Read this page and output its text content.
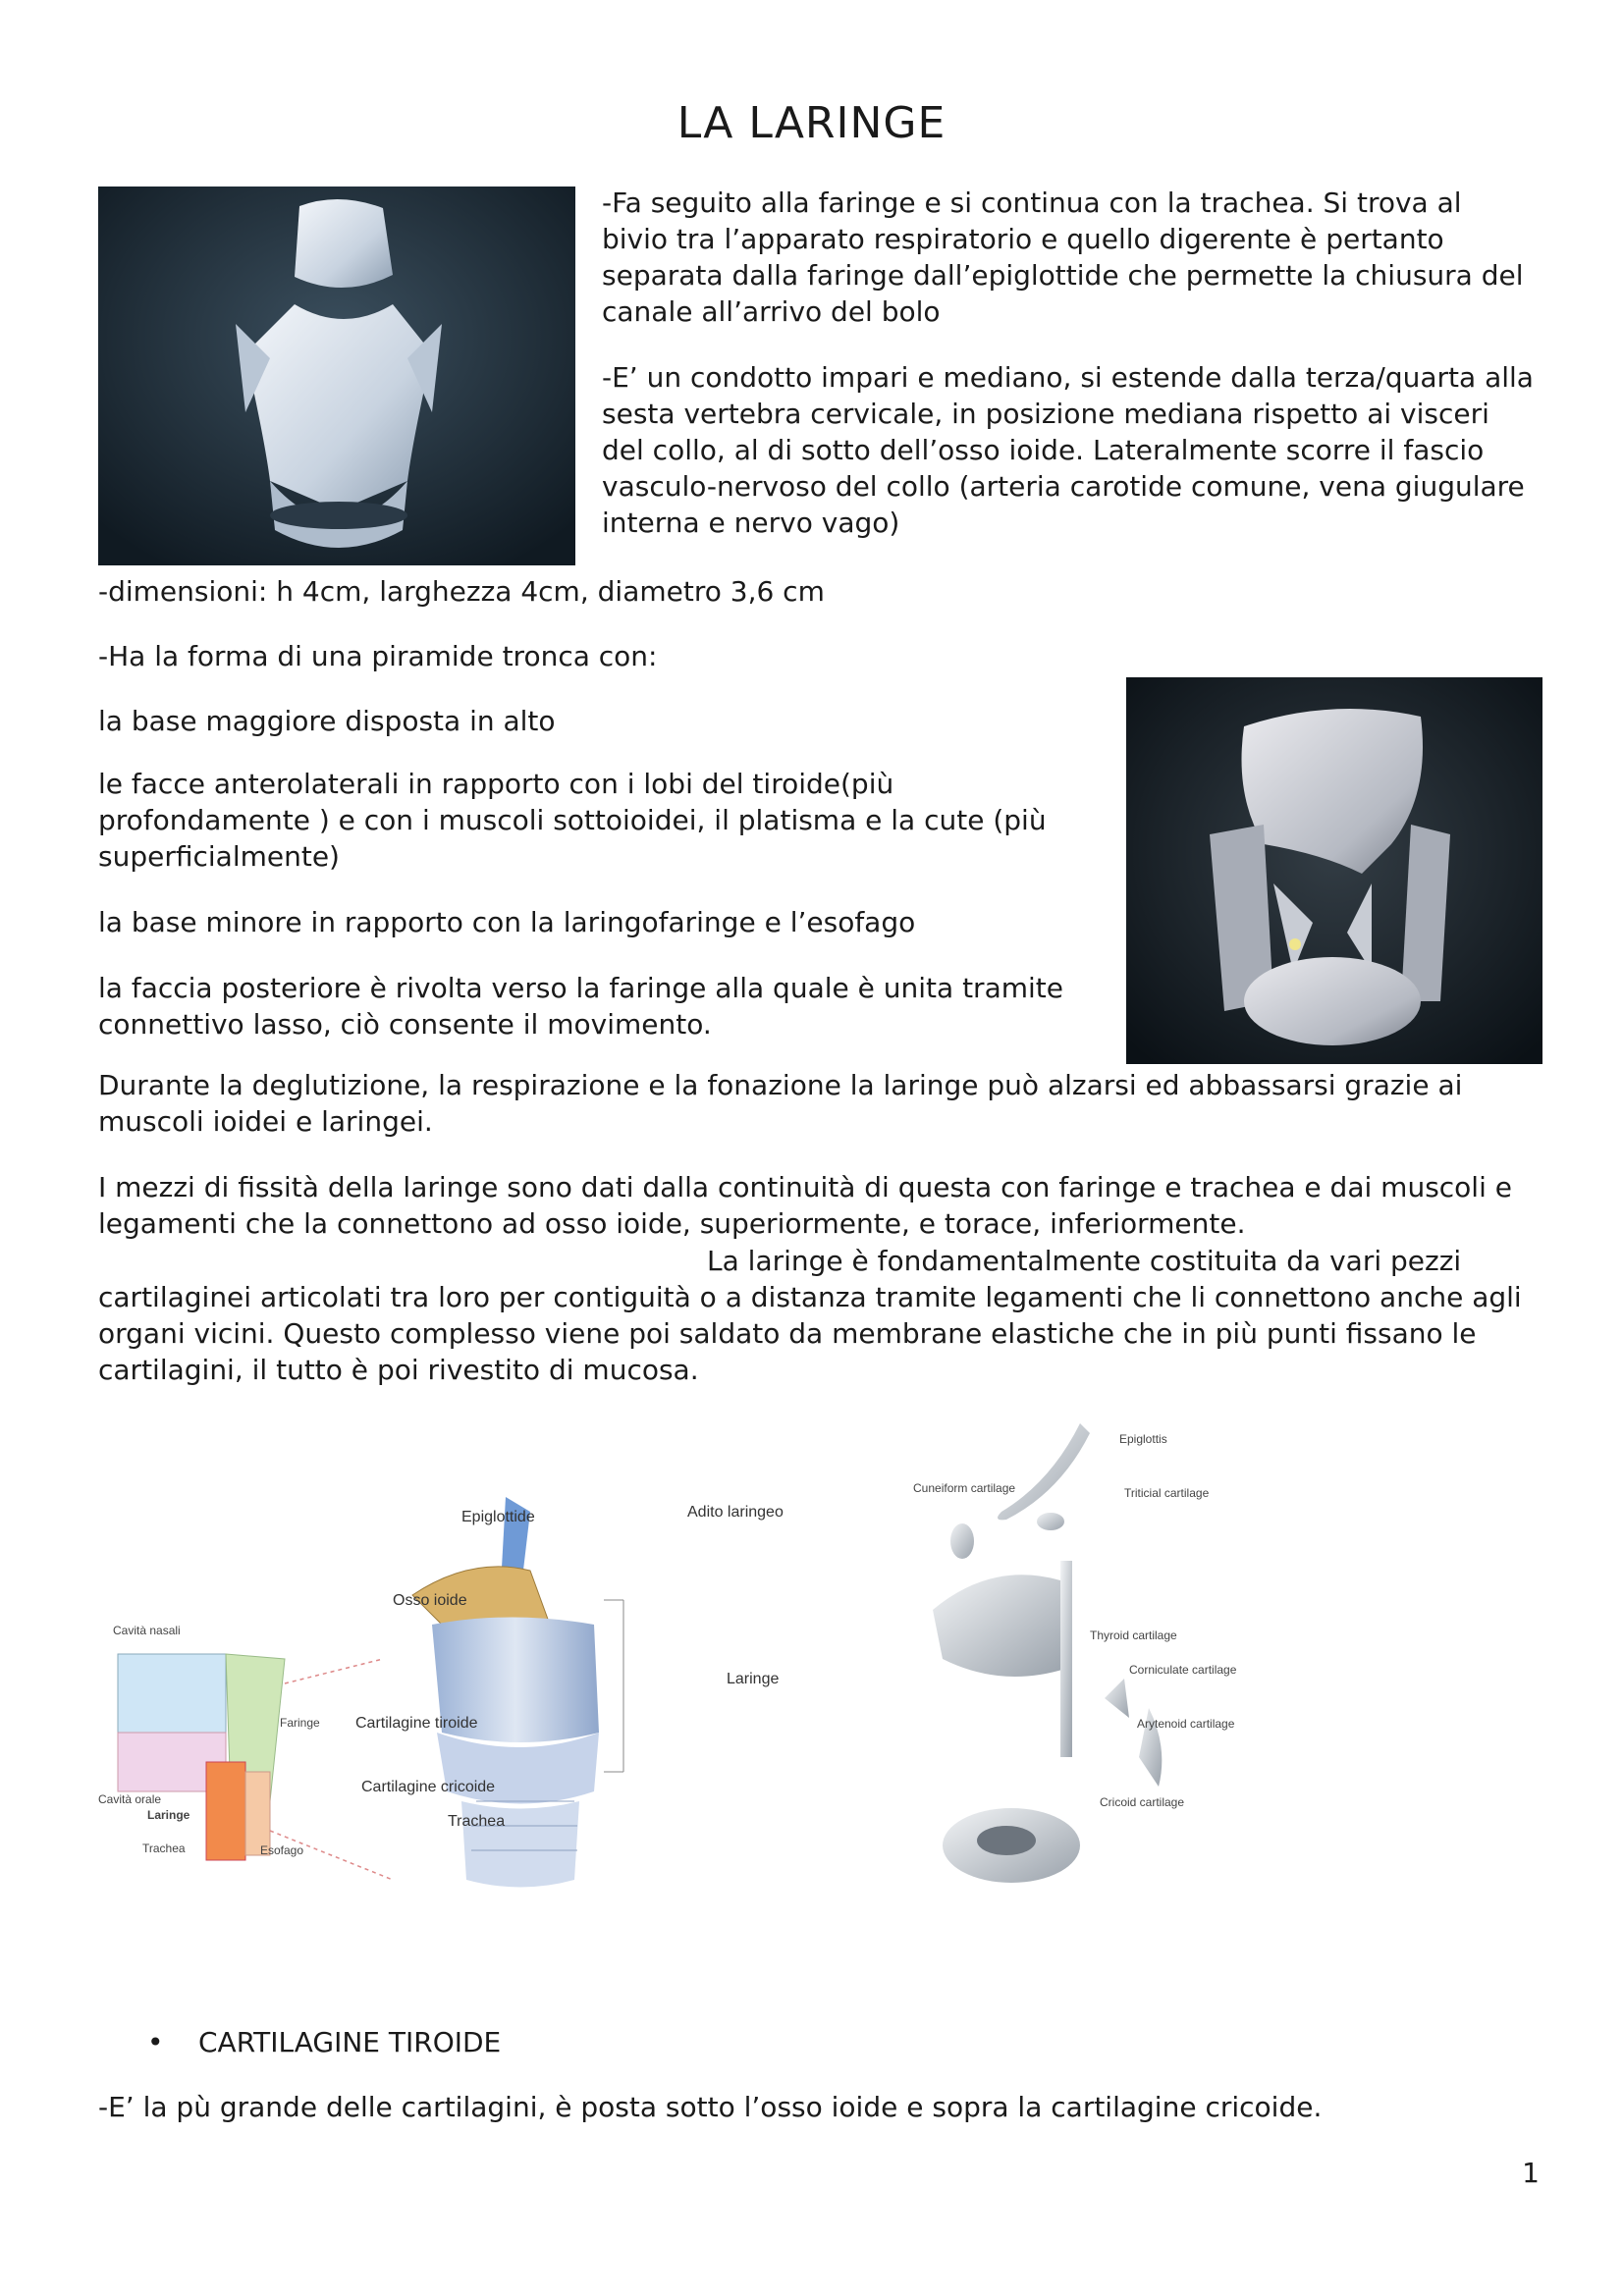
LA LARINGE

-Fa seguito alla faringe e si continua con la trachea. Si trova al bivio tra l’apparato respiratorio e quello digerente è pertanto separata dalla faringe dall’epiglottide che permette la chiusura del canale all’arrivo del bolo

-E’ un condotto impari e mediano, si estende dalla terza/quarta alla sesta vertebra cervicale, in posizione mediana rispetto ai visceri del collo, al di sotto dell’osso ioide. Lateralmente scorre il fascio vasculo-nervoso del collo (arteria carotide comune, vena giugulare interna e nervo vago)

-dimensioni: h 4cm, larghezza 4cm, diametro 3,6 cm

-Ha la forma di una piramide tronca con:

la base maggiore disposta in alto

le facce anterolaterali in rapporto con i lobi del tiroide(più profondamente ) e con i muscoli sottoioidei, il platisma e la cute (più superficialmente)

la base minore in rapporto con la laringofaringe e l’esofago

la faccia posteriore è rivolta verso la faringe alla quale è unita tramite connettivo lasso, ciò consente il movimento.

Durante la deglutizione, la respirazione e la fonazione la laringe può alzarsi ed abbassarsi grazie ai muscoli ioidei e laringei.

I mezzi di fissità della laringe sono dati dalla continuità di questa con faringe e trachea e dai muscoli e legamenti che la connettono ad osso ioide, superiormente, e torace, inferiormente.

La laringe è fondamentalmente costituita da vari pezzi

cartilaginei articolati tra loro per contiguità o a distanza tramite legamenti che li connettono anche agli organi vicini. Questo complesso viene poi saldato da membrane elastiche che in più punti fissano le cartilagini, il tutto è poi rivestito di mucosa.

Cavità nasali
Faringe
Cavità orale
Laringe
Trachea	Esofago
Epiglottide	Adito laringeo
Osso ioide
Laringe
Cartilagine tiroide
Cartilagine cricoide
Trachea
Epiglottis
Cuneiform cartilage	Triticial cartilage
Thyroid cartilage
Corniculate cartilage
Arytenoid cartilage
Cricoid cartilage
• CARTILAGINE TIROIDE

-E’ la pù grande delle cartilagini, è posta sotto l’osso ioide e sopra la cartilagine cricoide.

1
